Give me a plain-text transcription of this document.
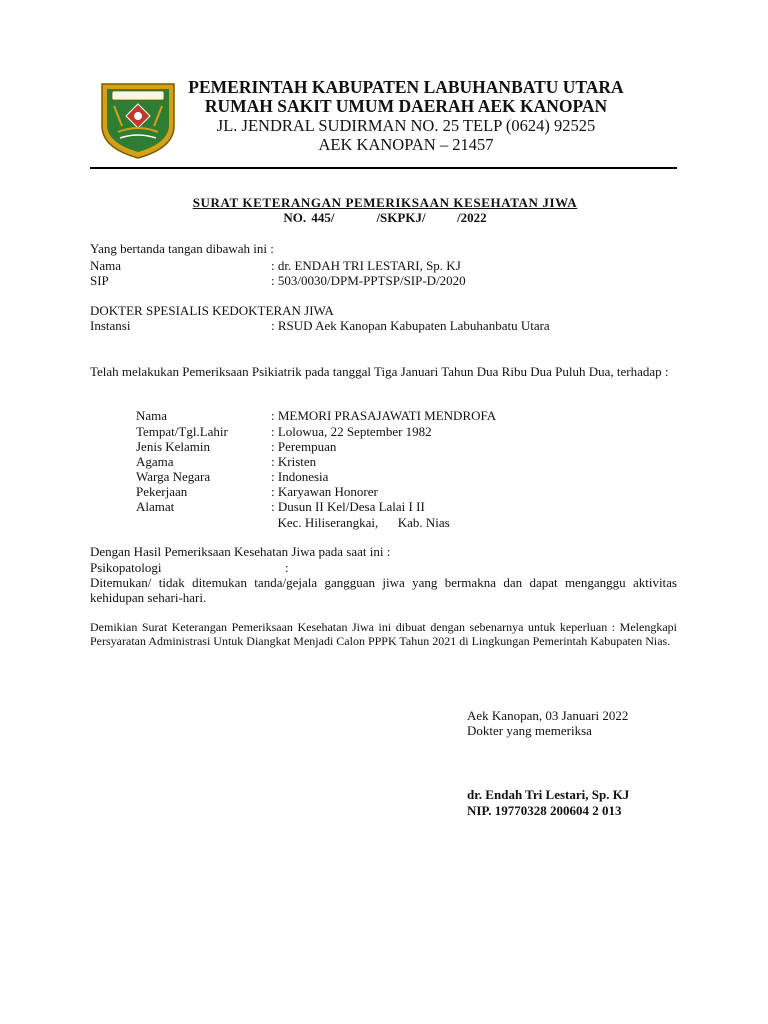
PEMERINTAH KABUPATEN LABUHANBATU UTARA
RUMAH SAKIT UMUM DAERAH AEK KANOPAN
JL. JENDRAL SUDIRMAN NO. 25 TELP (0624) 92525
AEK KANOPAN – 21457
SURAT KETERANGAN PEMERIKSAAN KESEHATAN JIWA
NO. 445/        /SKPKJ/      /2022
Yang bertanda tangan dibawah ini :
Nama	: dr. ENDAH TRI LESTARI, Sp. KJ
SIP	: 503/0030/DPM-PPTSP/SIP-D/2020
DOKTER SPESIALIS KEDOKTERAN JIWA
Instansi	: RSUD Aek Kanopan Kabupaten Labuhanbatu Utara
Telah melakukan Pemeriksaan Psikiatrik pada tanggal Tiga Januari Tahun Dua Ribu Dua Puluh Dua, terhadap :
Nama	: MEMORI PRASAJAWATI MENDROFA
Tempat/Tgl.Lahir	: Lolowua, 22 September 1982
Jenis Kelamin	: Perempuan
Agama	: Kristen
Warga Negara	: Indonesia
Pekerjaan	: Karyawan Honorer
Alamat	: Dusun II Kel/Desa Lalai I II
Kec. Hiliserangkai,      Kab. Nias
Dengan Hasil Pemeriksaan Kesehatan Jiwa pada saat ini :
Psikopatologi	:
Ditemukan/ tidak ditemukan tanda/gejala gangguan jiwa yang bermakna dan dapat menganggu aktivitas kehidupan sehari-hari.
Demikian Surat Keterangan Pemeriksaan Kesehatan Jiwa ini dibuat dengan sebenarnya untuk keperluan : Melengkapi Persyaratan Administrasi Untuk Diangkat Menjadi Calon PPPK Tahun 2021 di Lingkungan Pemerintah Kabupaten Nias.
Aek Kanopan, 03 Januari 2022
Dokter yang memeriksa
dr. Endah Tri Lestari, Sp. KJ
NIP. 19770328 200604 2 013
